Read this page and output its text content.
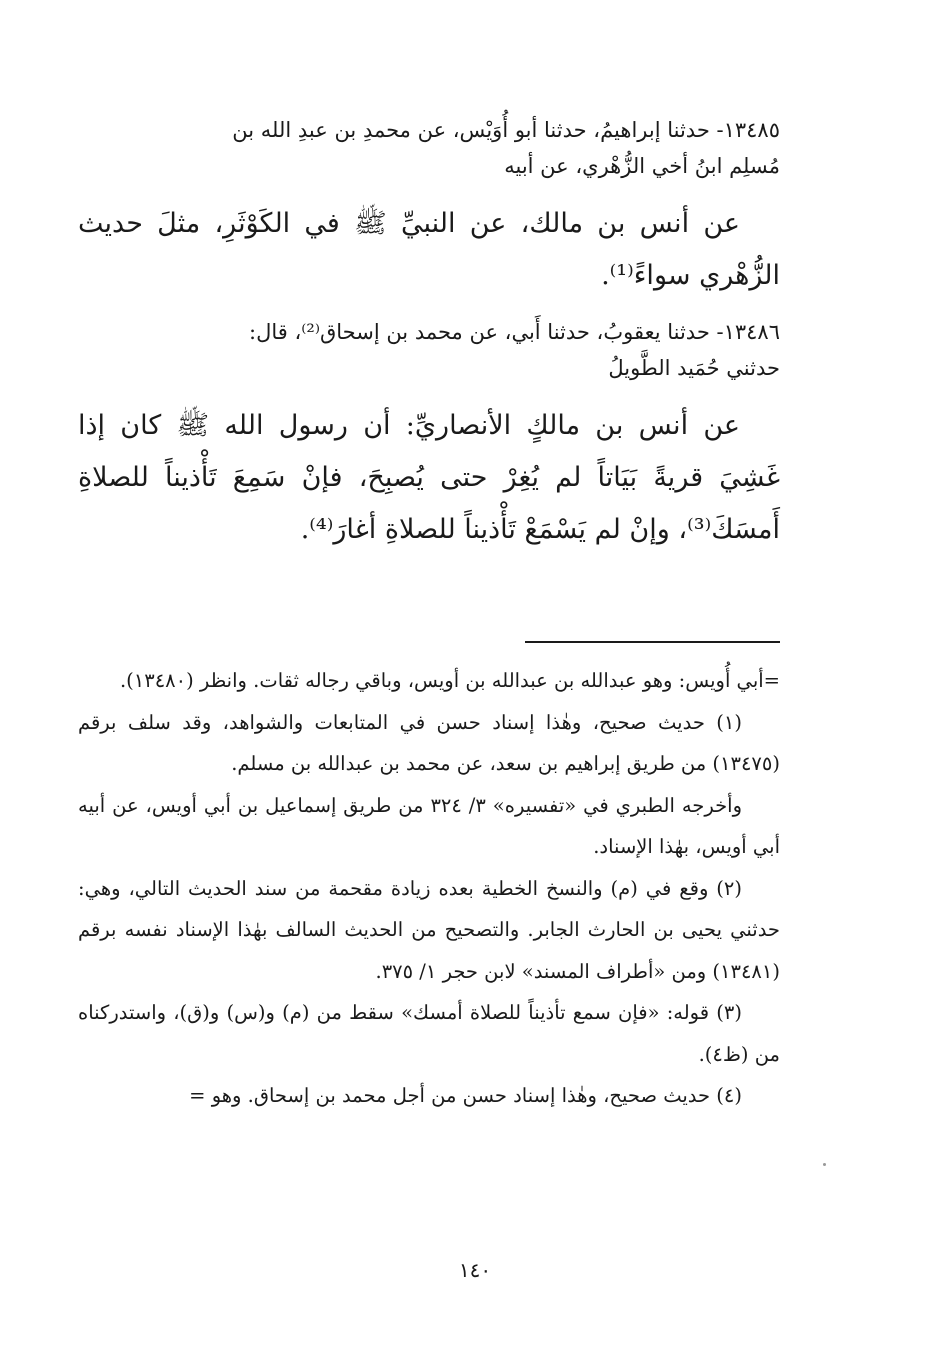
١٣٤٨٥- حدثنا إبراهيمُ، حدثنا أبو أُوَيْس، عن محمدِ بن عبدِ الله بن
مُسلِم ابنُ أخي الزُّهْري، عن أبيه
عن أنس بن مالك، عن النبيِّ ﷺ في الكَوْثَرِ، مثلَ حديث الزُّهْري سواءً⁽¹⁾.
١٣٤٨٦- حدثنا يعقوبُ، حدثنا أَبي، عن محمد بن إسحاق⁽²⁾، قال:
حدثني حُمَيد الطَّويلُ
عن أنس بن مالكٍ الأنصاريِّ: أن رسول الله ﷺ كان إذا غَشِيَ قريةً بَيَاتاً لم يُغِرْ حتى يُصبِحَ، فإنْ سَمِعَ تَأْذيناً للصلاةِ أَمسَكَ⁽³⁾، وإنْ لم يَسْمَعْ تَأْذيناً للصلاةِ أغارَ⁽⁴⁾.

=أبي أُويس: وهو عبدالله بن عبدالله بن أويس، وباقي رجاله ثقات. وانظر (١٣٤٨٠).

(١) حديث صحيح، وهٰذا إسناد حسن في المتابعات والشواهد، وقد سلف برقم (١٣٤٧٥) من طريق إبراهيم بن سعد، عن محمد بن عبدالله بن مسلم.

وأخرجه الطبري في «تفسيره» ٣/ ٣٢٤ من طريق إسماعيل بن أبي أويس، عن أبيه أبي أويس، بهٰذا الإسناد.

(٢) وقع في (م) والنسخ الخطية بعده زيادة مقحمة من سند الحديث التالي، وهي: حدثني يحيى بن الحارث الجابر. والتصحيح من الحديث السالف بهٰذا الإسناد نفسه برقم (١٣٤٨١) ومن «أطراف المسند» لابن حجر ١/ ٣٧٥.

(٣) قوله: «فإن سمع تأذيناً للصلاة أمسك» سقط من (م) و(س) و(ق)، واستدركناه من (ظ٤).

(٤) حديث صحيح، وهٰذا إسناد حسن من أجل محمد بن إسحاق. وهو =

١٤٠
